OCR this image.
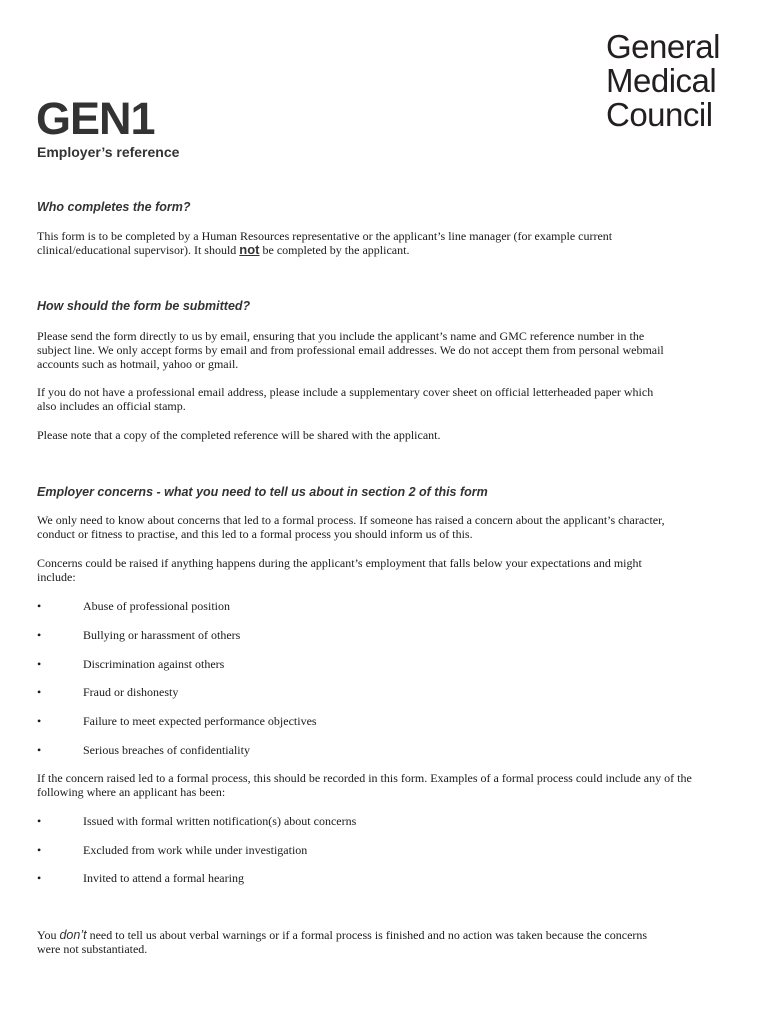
General
Medical
Council
GEN1
Employer’s reference
Who completes the form?
This form is to be completed by a Human Resources representative or the applicant’s line manager (for example current
clinical/educational supervisor). It should not be completed by the applicant.
How should the form be submitted?
Please send the form directly to us by email, ensuring that you include the applicant’s name and GMC reference number in the
subject line. We only accept forms by email and from professional email addresses. We do not accept them from personal webmail
accounts such as hotmail, yahoo or gmail.
If you do not have a professional email address, please include a supplementary cover sheet on official letterheaded paper which
also includes an official stamp.
Please note that a copy of the completed reference will be shared with the applicant.
Employer concerns - what you need to tell us about in section 2 of this form
We only need to know about concerns that led to a formal process. If someone has raised a concern about the applicant’s character,
conduct or fitness to practise, and this led to a formal process you should inform us of this.
Concerns could be raised if anything happens during the applicant’s employment that falls below your expectations and might
include:
•	Abuse of professional position
•	Bullying or harassment of others
•	Discrimination against others
•	Fraud or dishonesty
•	Failure to meet expected performance objectives
•	Serious breaches of confidentiality
If the concern raised led to a formal process, this should be recorded in this form. Examples of a formal process could include any of the
following where an applicant has been:
•	Issued with formal written notification(s) about concerns
•	Excluded from work while under investigation
•	Invited to attend a formal hearing
You don’t need to tell us about verbal warnings or if a formal process is finished and no action was taken because the concerns
were not substantiated.
